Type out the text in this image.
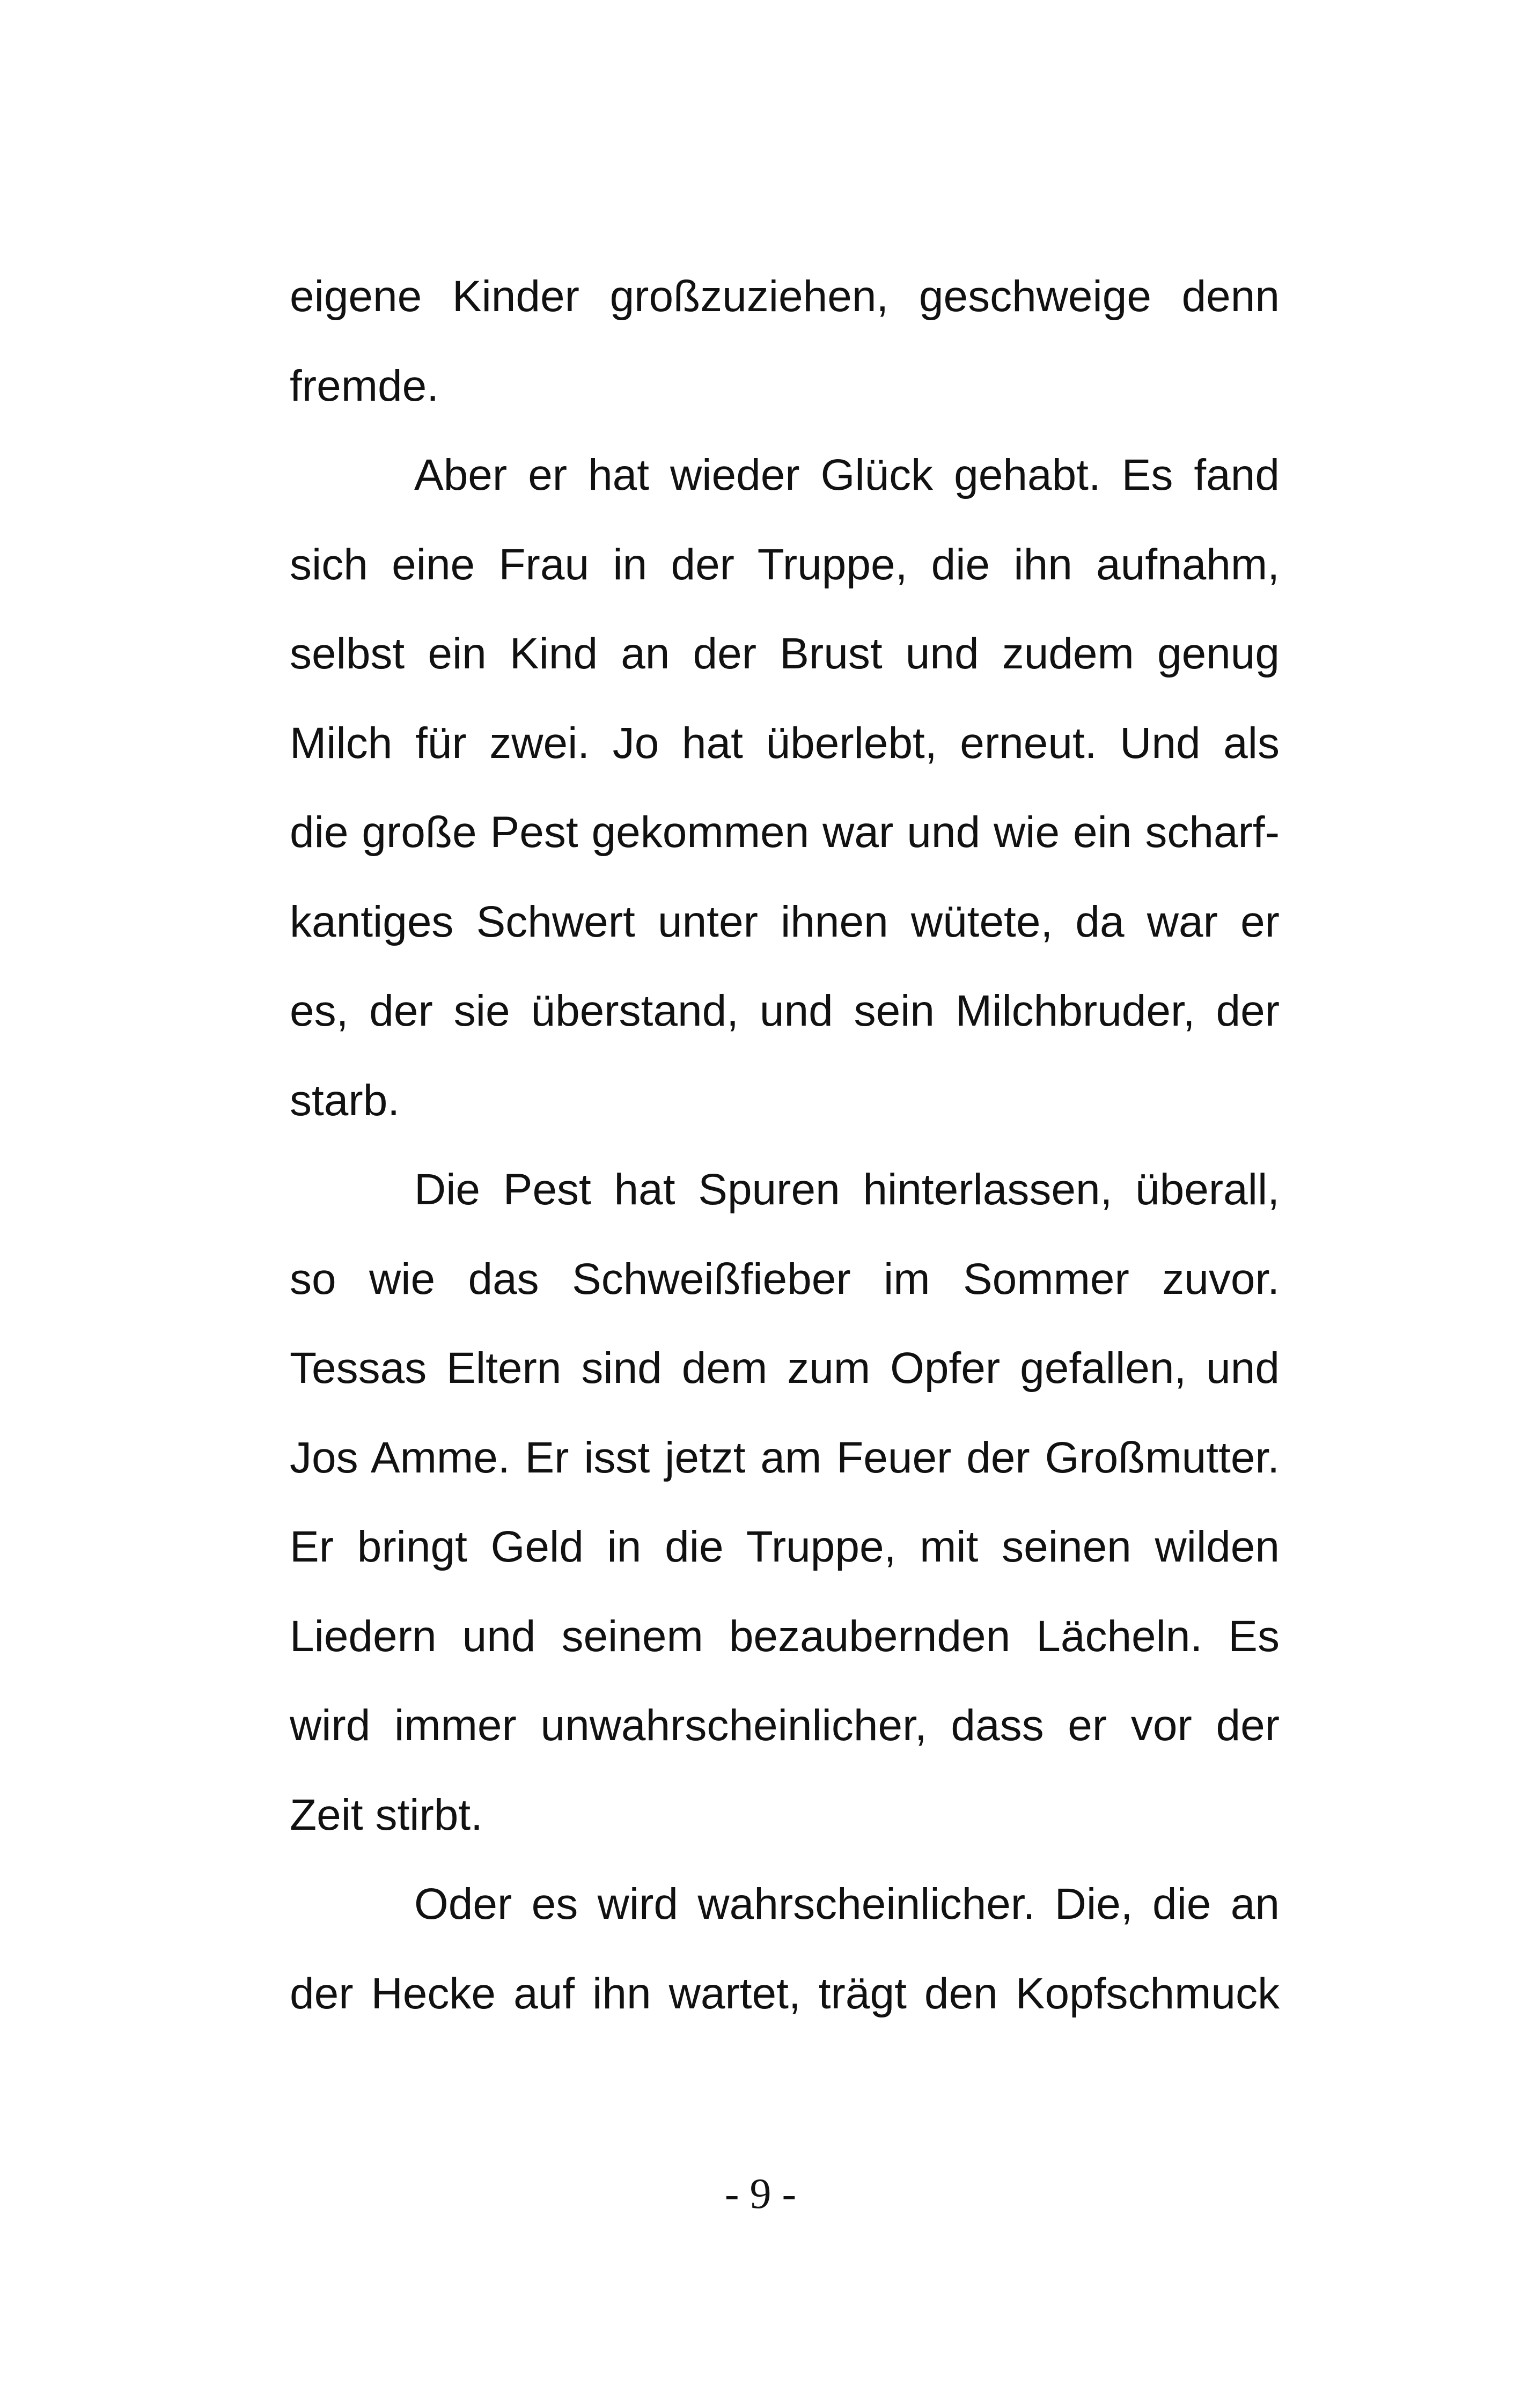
eigene Kinder großzuziehen, geschweige denn
fremde.
Aber er hat wieder Glück gehabt. Es fand
sich eine Frau in der Truppe, die ihn aufnahm,
selbst ein Kind an der Brust und zudem genug
Milch für zwei. Jo hat überlebt, erneut. Und als
die große Pest gekommen war und wie ein scharf-
kantiges Schwert unter ihnen wütete, da war er
es, der sie überstand, und sein Milchbruder, der
starb.
Die Pest hat Spuren hinterlassen, überall,
so wie das Schweißfieber im Sommer zuvor.
Tessas Eltern sind dem zum Opfer gefallen, und
Jos Amme. Er isst jetzt am Feuer der Großmutter.
Er bringt Geld in die Truppe, mit seinen wilden
Liedern und seinem bezaubernden Lächeln. Es
wird immer unwahrscheinlicher, dass er vor der
Zeit stirbt.
Oder es wird wahrscheinlicher. Die, die an
der Hecke auf ihn wartet, trägt den Kopfschmuck
- 9 -
